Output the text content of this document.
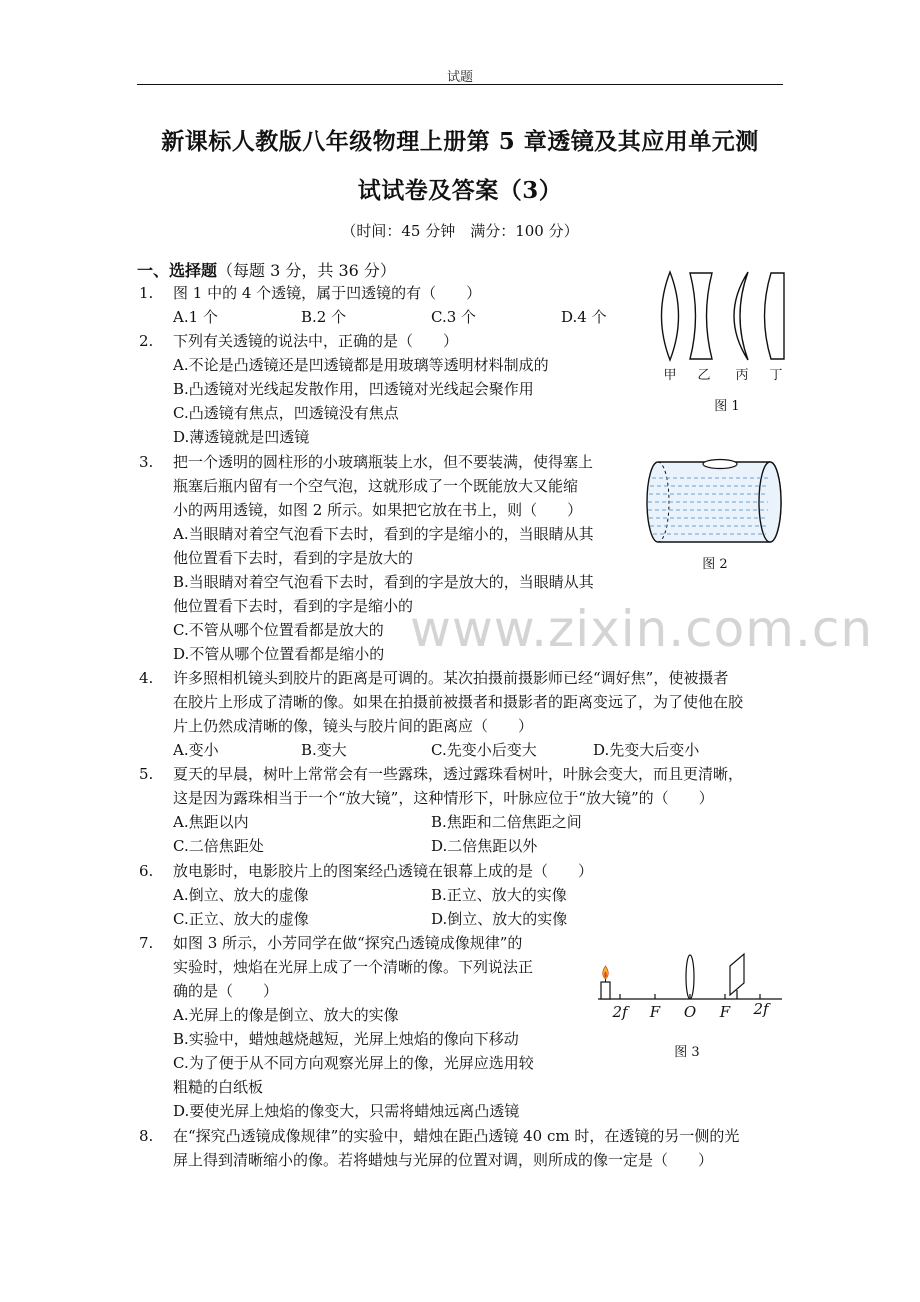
试题
新课标人教版八年级物理上册第 5 章透镜及其应用单元测
试试卷及答案（3）
（时间：45 分钟　满分：100 分）
一、选择题（每题 3 分，共 36 分）
1. 图 1 中的 4 个透镜，属于凹透镜的有（　　）
A.1 个	B.2 个	C.3 个	D.4 个
甲 乙 丙 丁
图 1
2. 下列有关透镜的说法中，正确的是（　　）
A.不论是凸透镜还是凹透镜都是用玻璃等透明材料制成的
B.凸透镜对光线起发散作用，凹透镜对光线起会聚作用
C.凸透镜有焦点，凹透镜没有焦点
D.薄透镜就是凹透镜
3. 把一个透明的圆柱形的小玻璃瓶装上水，但不要装满，使得塞上
瓶塞后瓶内留有一个空气泡，这就形成了一个既能放大又能缩
小的两用透镜，如图 2 所示。如果把它放在书上，则（　　）
A.当眼睛对着空气泡看下去时，看到的字是缩小的，当眼睛从其
他位置看下去时，看到的字是放大的
B.当眼睛对着空气泡看下去时，看到的字是放大的，当眼睛从其
他位置看下去时，看到的字是缩小的
C.不管从哪个位置看都是放大的
D.不管从哪个位置看都是缩小的
图 2
4. 许多照相机镜头到胶片的距离是可调的。某次拍摄前摄影师已经“调好焦”，使被摄者
在胶片上形成了清晰的像。如果在拍摄前被摄者和摄影者的距离变远了，为了使他在胶
片上仍然成清晰的像，镜头与胶片间的距离应（　　）
A.变小	B.变大	C.先变小后变大	D.先变大后变小
5. 夏天的早晨，树叶上常常会有一些露珠，透过露珠看树叶，叶脉会变大，而且更清晰，
这是因为露珠相当于一个“放大镜”，这种情形下，叶脉应位于“放大镜”的（　　）
A.焦距以内	B.焦距和二倍焦距之间
C.二倍焦距处	D.二倍焦距以外
6. 放电影时，电影胶片上的图案经凸透镜在银幕上成的是（　　）
A.倒立、放大的虚像	B.正立、放大的实像
C.正立、放大的虚像	D.倒立、放大的实像
7. 如图 3 所示，小芳同学在做“探究凸透镜成像规律”的
实验时，烛焰在光屏上成了一个清晰的像。下列说法正
确的是（　　）
A.光屏上的像是倒立、放大的实像
B.实验中，蜡烛越烧越短，光屏上烛焰的像向下移动
C.为了便于从不同方向观察光屏上的像，光屏应选用较
粗糙的白纸板
D.要使光屏上烛焰的像变大，只需将蜡烛远离凸透镜
2f	F	O	F	2f
图 3
8. 在“探究凸透镜成像规律”的实验中，蜡烛在距凸透镜 40 cm 时，在透镜的另一侧的光
屏上得到清晰缩小的像。若将蜡烛与光屏的位置对调，则所成的像一定是（　　）
www.zixin.com.cn
